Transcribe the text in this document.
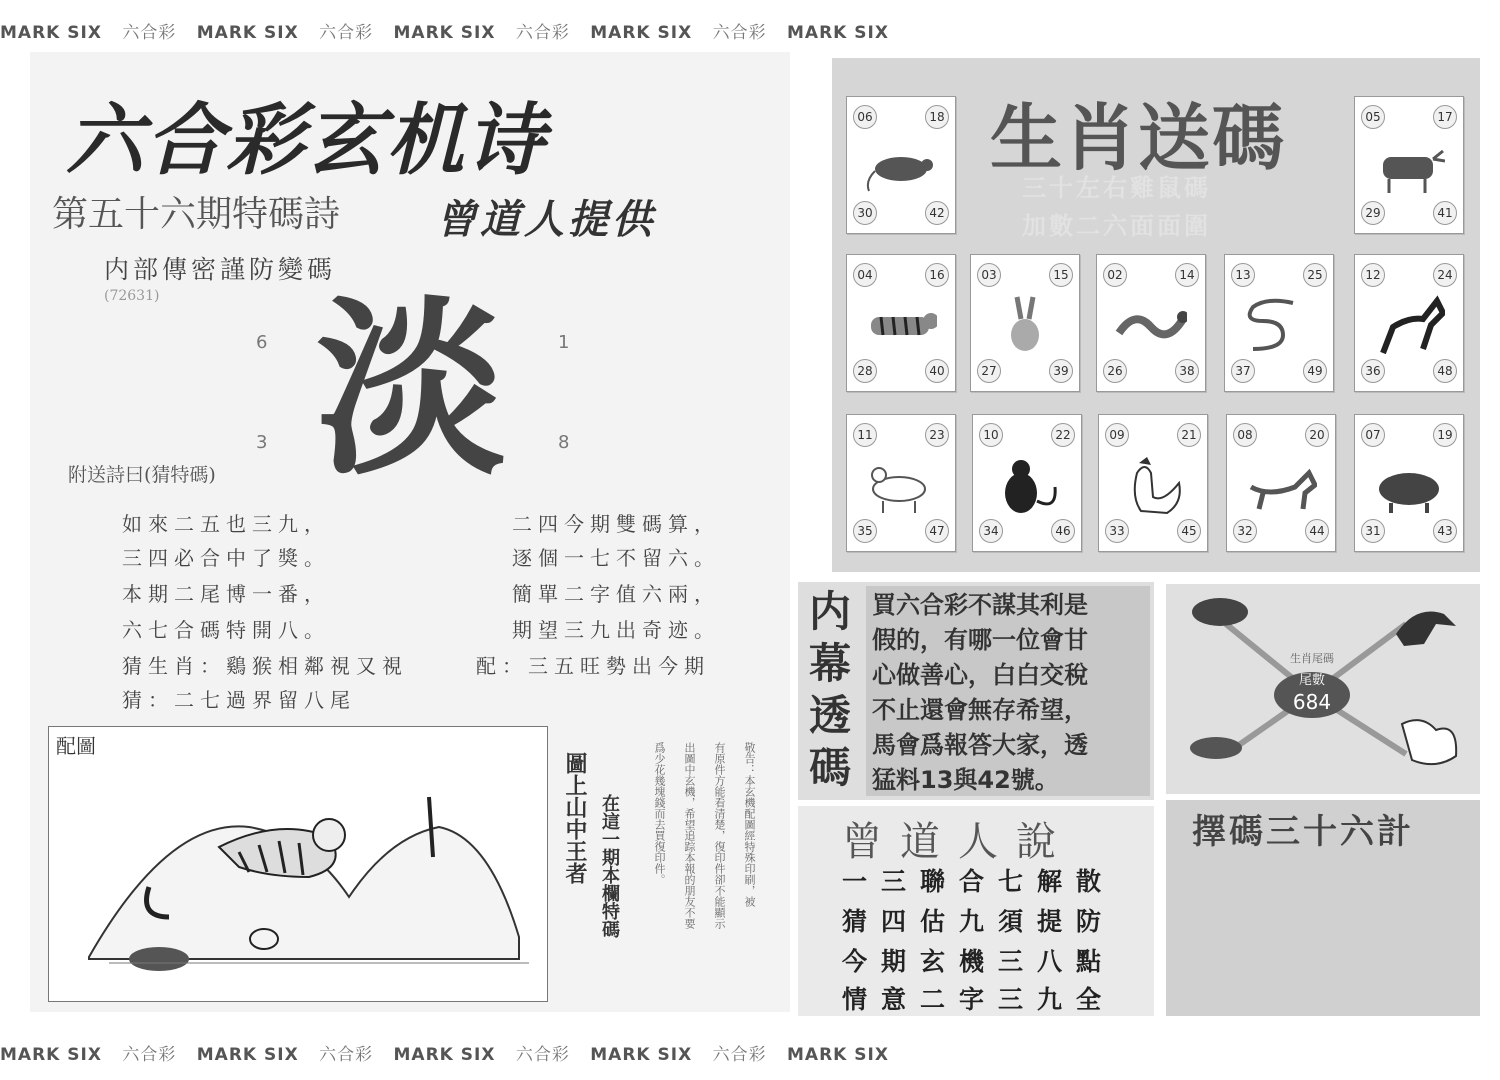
MARK SIX 六合彩 MARK SIX 六合彩 MARK SIX 六合彩 MARK SIX 六合彩 MARK SIX
MARK SIX 六合彩 MARK SIX 六合彩 MARK SIX 六合彩 MARK SIX 六合彩 MARK SIX
六合彩玄机诗
第五十六期特碼詩 曾道人提供
内部傳密謹防變碼
(72631) 淡
6	1
3	8
附送詩曰(猜特碼)
如來二五也三九，
三四必合中了獎。
本期二尾博一番，
六七合碼特開八。
猜生肖：鷄猴相鄰視又視
猜：二七過界留八尾
二四今期雙碼算，
逐個一七不留六。
簡單二字值六兩，
期望三九出奇迹。
配：三五旺勢出今期
配圖
圖上山中王者 在這一期本欄特碼	敬告：本玄機配圖經特殊印刷，被
有原件方能看清楚，復印件卻不能顯示
出圖中玄機，希望追踪本報的朋友不要
爲少花幾塊錢而去買復印件。
生肖送碼
三十左右雞鼠碼
加數二六面面圍
06	18
30	42
05	17
29	41
04	16
28	40
03	15
27	39
02	14
26	38
13	25
37	49
12	24
36	48
11	23
35	47
10	22
34	46
09	21
33	45
08	20
32	44
07	19
31	43
内幕透碼
買六合彩不謀其利是
假的，有哪一位會甘
心做善心，白白交稅
不止還會無存希望，
馬會爲報答大家，透
猛料13與42號。
曾道人說
一三聯合七解散
猜四估九須提防
今期玄機三八點
情意二字三九全
生肖尾碼
尾數
684
擇碼三十六計
